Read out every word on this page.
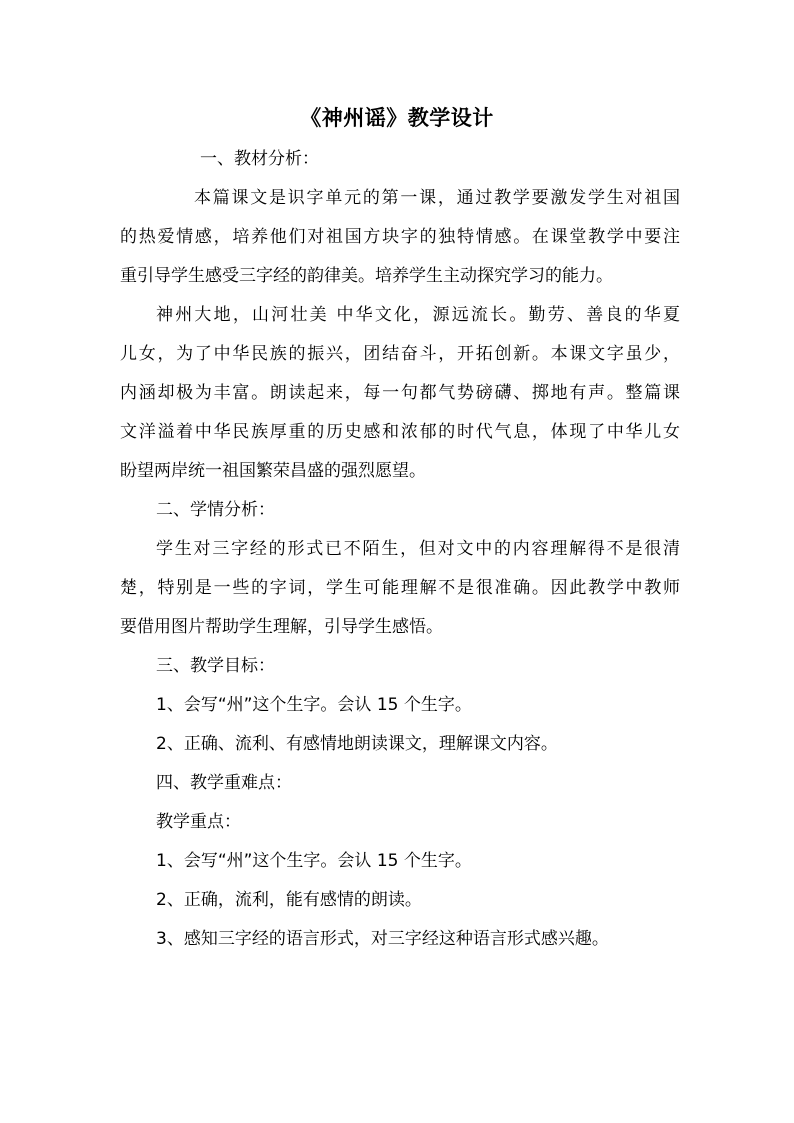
《神州谣》教学设计
一、教材分析：
本篇课文是识字单元的第一课，通过教学要激发学生对祖国
的热爱情感，培养他们对祖国方块字的独特情感。在课堂教学中要注
重引导学生感受三字经的韵律美。培养学生主动探究学习的能力。
神州大地，山河壮美 中华文化，源远流长。勤劳、善良的华夏
儿女，为了中华民族的振兴，团结奋斗，开拓创新。本课文字虽少，
内涵却极为丰富。朗读起来，每一句都气势磅礴、掷地有声。整篇课
文洋溢着中华民族厚重的历史感和浓郁的时代气息，体现了中华儿女
盼望两岸统一祖国繁荣昌盛的强烈愿望。
二、学情分析：
学生对三字经的形式已不陌生，但对文中的内容理解得不是很清
楚，特别是一些的字词，学生可能理解不是很准确。因此教学中教师
要借用图片帮助学生理解，引导学生感悟。
三、教学目标：
1、会写“州”这个生字。会认 15 个生字。
2、正确、流利、有感情地朗读课文，理解课文内容。
四、教学重难点：
教学重点：
1、会写“州”这个生字。会认 15 个生字。
2、正确，流利，能有感情的朗读。
3、感知三字经的语言形式，对三字经这种语言形式感兴趣。
